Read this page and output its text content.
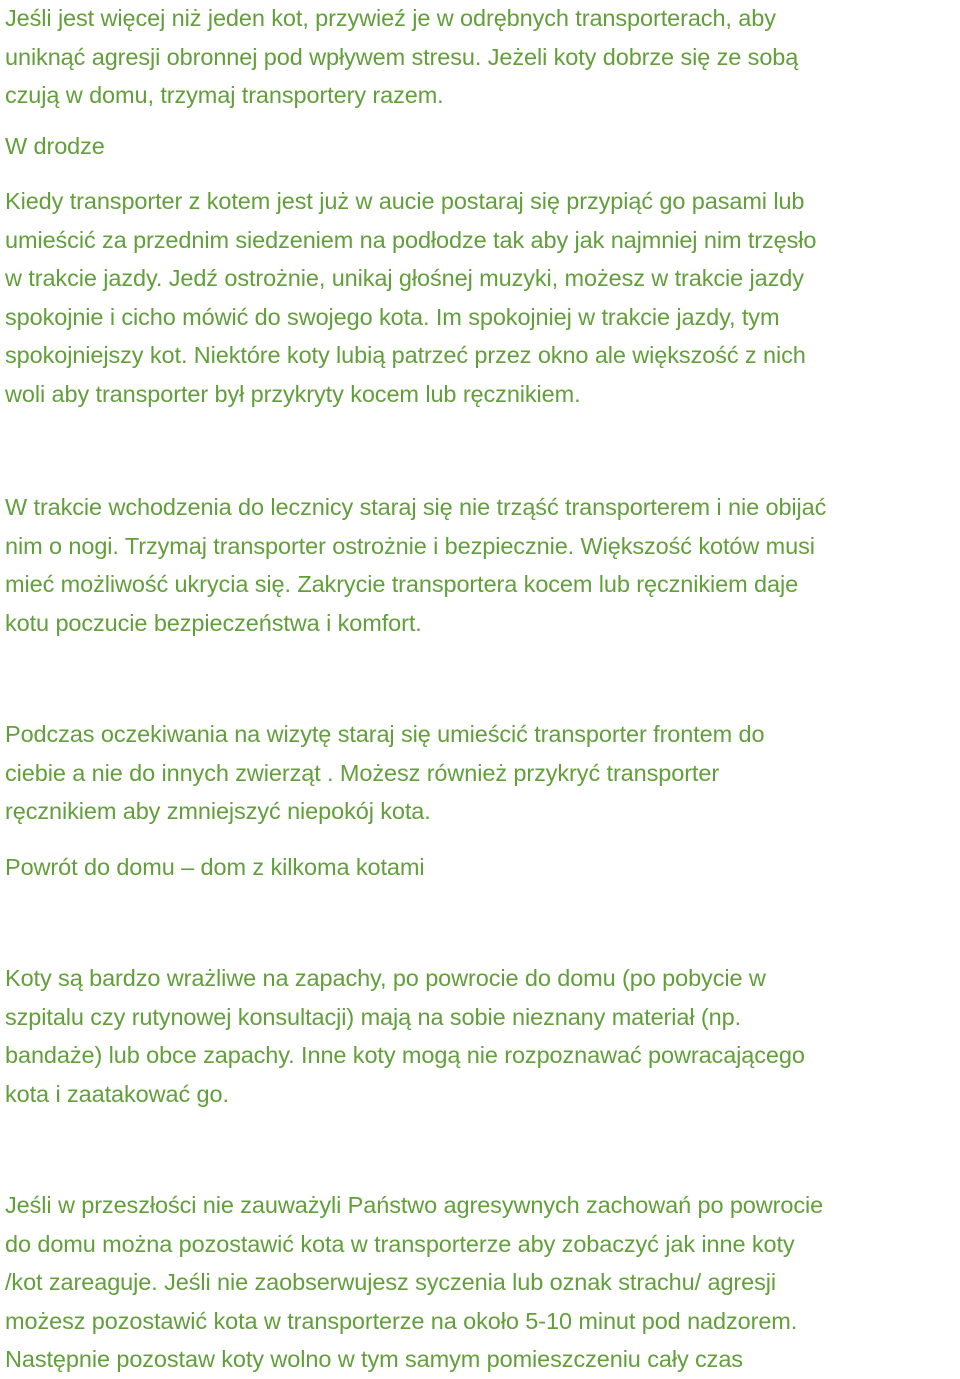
Jeśli jest więcej niż jeden kot, przywieź je w odrębnych transporterach, aby
uniknąć agresji obronnej pod wpływem stresu. Jeżeli koty dobrze się ze sobą
czują w domu, trzymaj transportery razem.
W drodze
Kiedy transporter z kotem jest już w aucie postaraj się przypiąć go pasami lub
umieścić za przednim siedzeniem na podłodze tak aby jak najmniej nim trzęsło
w trakcie jazdy. Jedź ostrożnie, unikaj głośnej muzyki, możesz w trakcie jazdy
spokojnie i cicho mówić do swojego kota. Im spokojniej w trakcie jazdy, tym
spokojniejszy kot. Niektóre koty lubią patrzeć przez okno ale większość z nich
woli aby transporter był przykryty kocem lub ręcznikiem.
W trakcie wchodzenia do lecznicy staraj się nie trząść transporterem i nie obijać
nim o nogi. Trzymaj transporter ostrożnie i bezpiecznie. Większość kotów musi
mieć możliwość ukrycia się. Zakrycie transportera kocem lub ręcznikiem daje
kotu poczucie bezpieczeństwa i komfort.
Podczas oczekiwania na wizytę staraj się umieścić transporter frontem do
ciebie a nie do innych zwierząt . Możesz również przykryć transporter
ręcznikiem aby zmniejszyć niepokój kota.
Powrót do domu – dom z kilkoma kotami
Koty są bardzo wrażliwe na zapachy, po powrocie do domu (po pobycie w
szpitalu czy rutynowej konsultacji) mają na sobie nieznany materiał (np.
bandaże) lub obce zapachy. Inne koty mogą nie rozpoznawać powracającego
kota i zaatakować go.
Jeśli w przeszłości nie zauważyli Państwo agresywnych zachowań po powrocie
do domu można pozostawić kota w transporterze aby zobaczyć jak inne koty
/kot zareaguje. Jeśli nie zaobserwujesz syczenia lub oznak strachu/ agresji
możesz pozostawić kota w transporterze na około 5-10 minut pod nadzorem.
Następnie pozostaw koty wolno w tym samym pomieszczeniu cały czas
